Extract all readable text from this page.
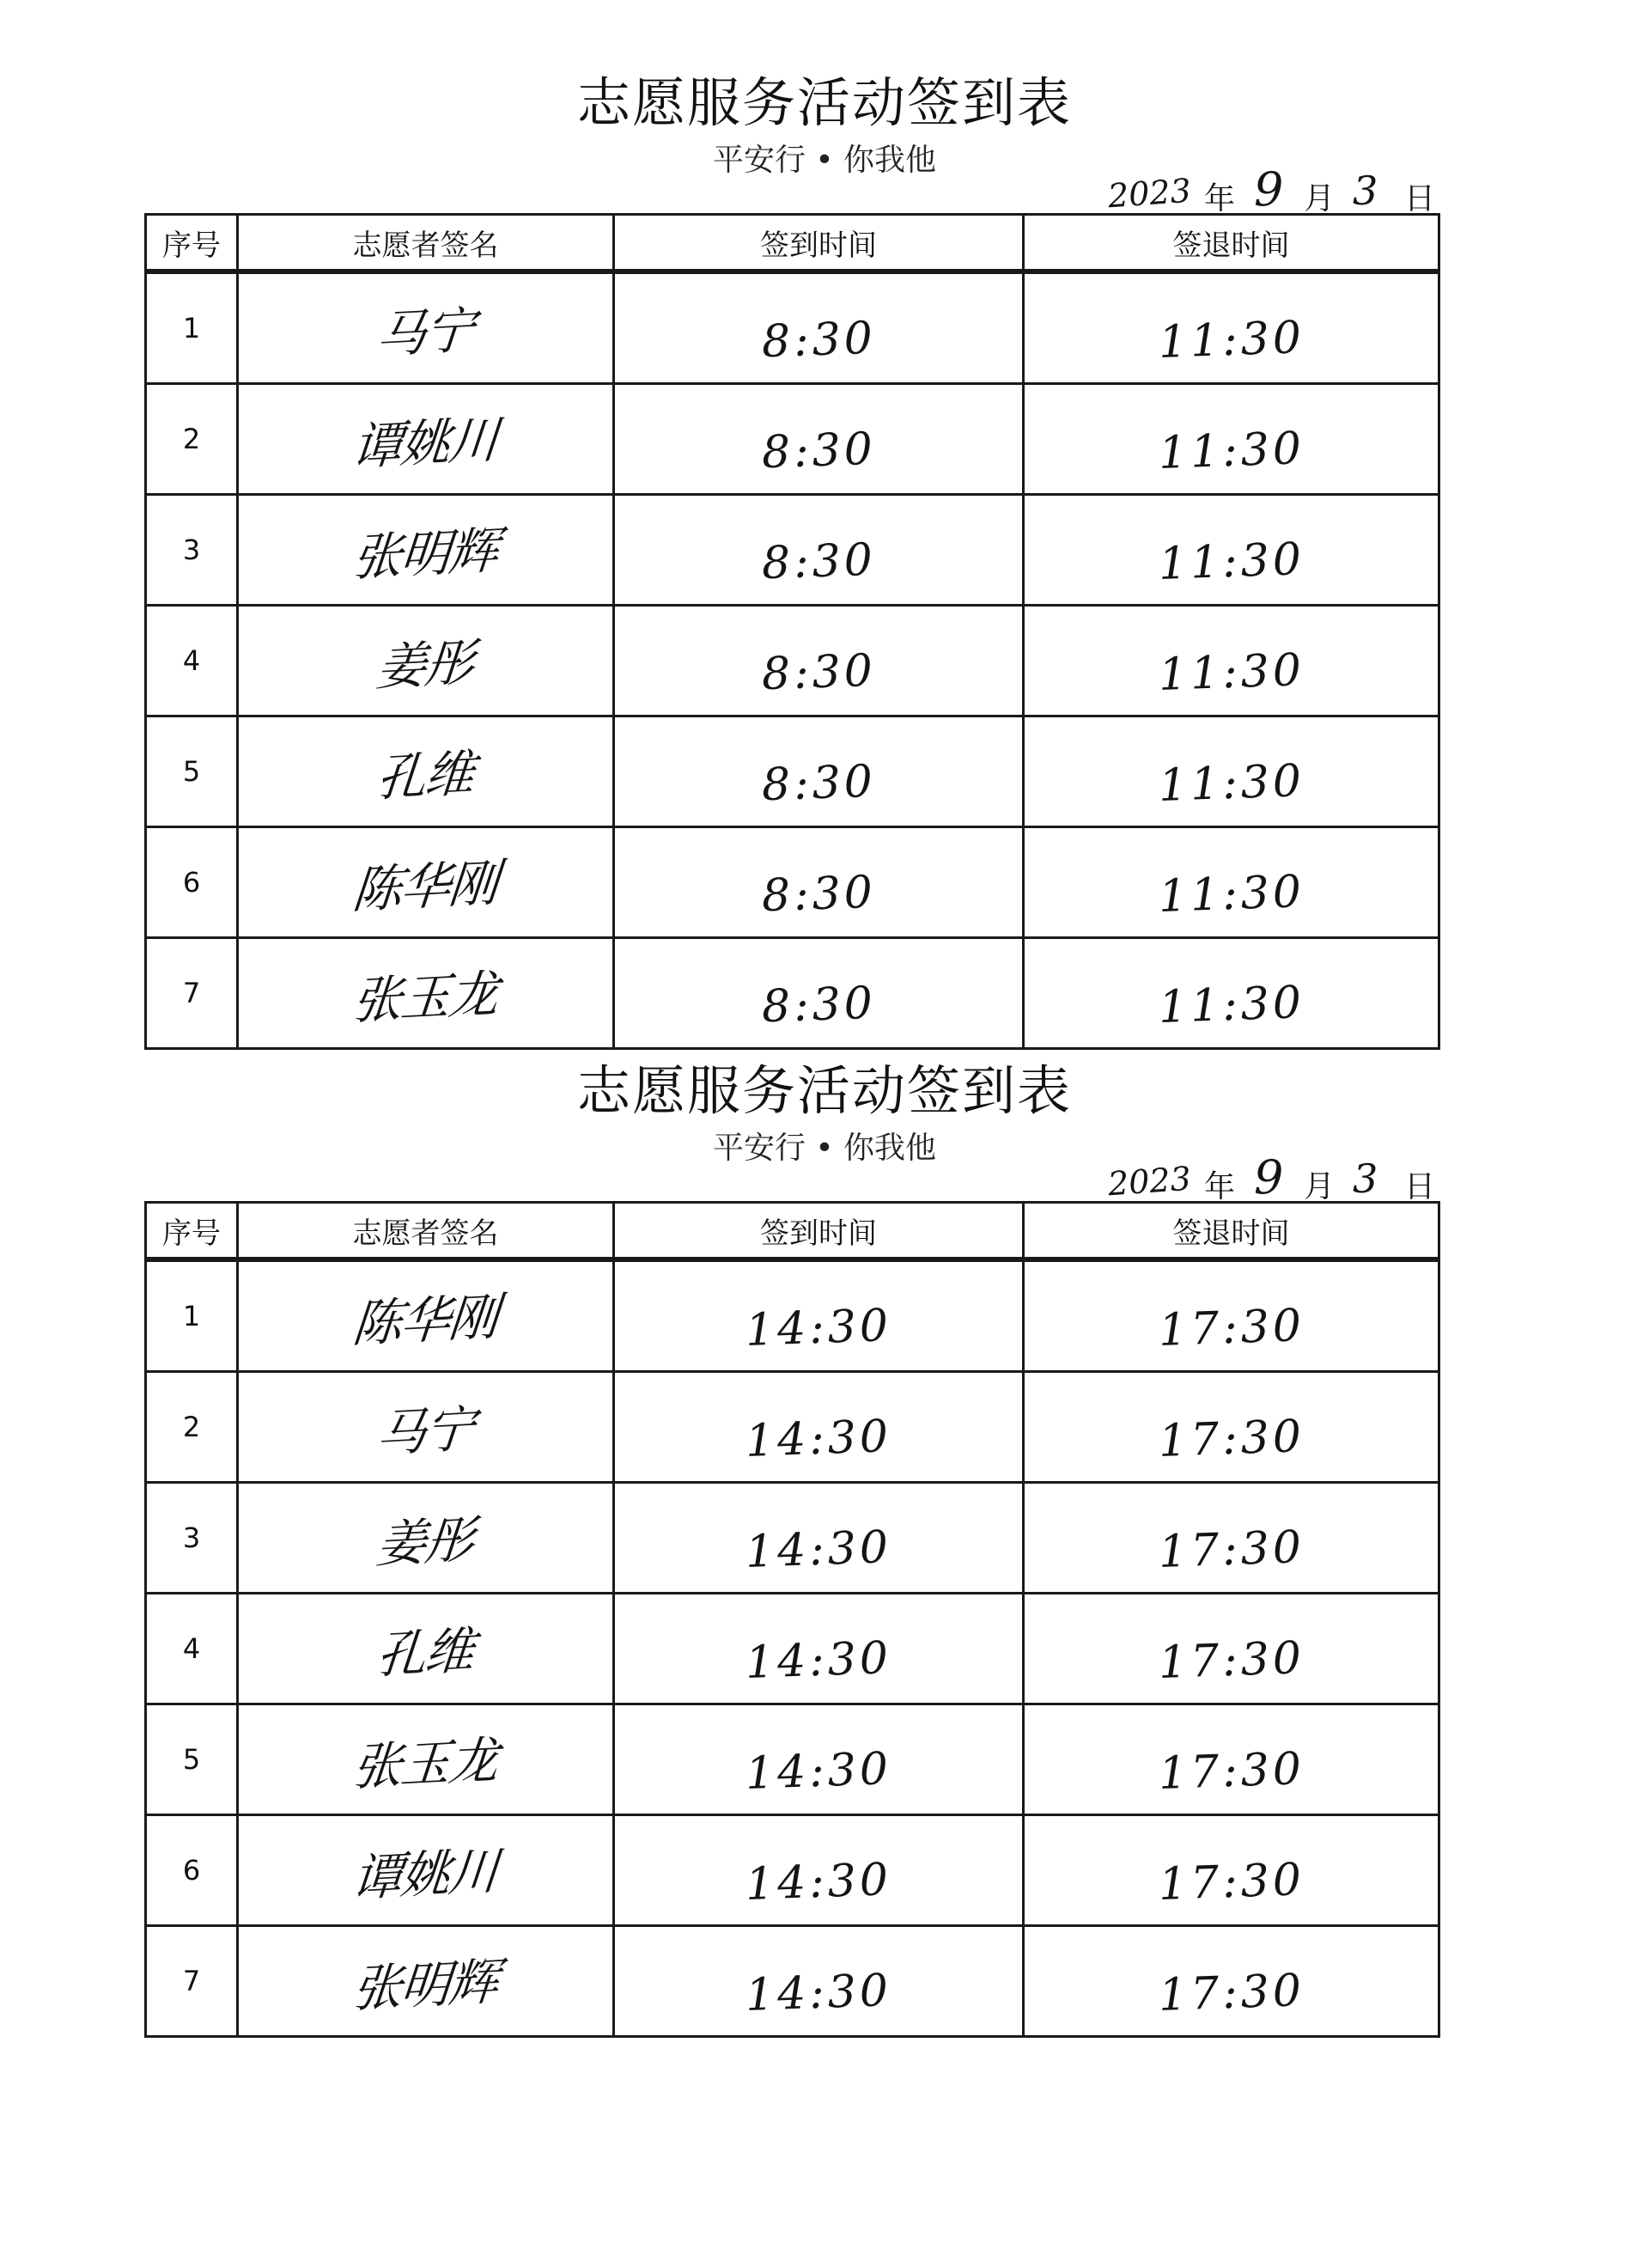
志愿服务活动签到表
平安行 • 你我他
2023 年 9 月 3 日
序号	志愿者签名	签到时间	签退时间
1	马宁	8:30	11:30
2	谭姚川	8:30	11:30
3	张明辉	8:30	11:30
4	姜彤	8:30	11:30
5	孔维	8:30	11:30
6	陈华刚	8:30	11:30
7	张玉龙	8:30	11:30
志愿服务活动签到表
平安行 • 你我他
2023 年 9 月 3 日
序号	志愿者签名	签到时间	签退时间
1	陈华刚	14:30	17:30
2	马宁	14:30	17:30
3	姜彤	14:30	17:30
4	孔维	14:30	17:30
5	张玉龙	14:30	17:30
6	谭姚川	14:30	17:30
7	张明辉	14:30	17:30
